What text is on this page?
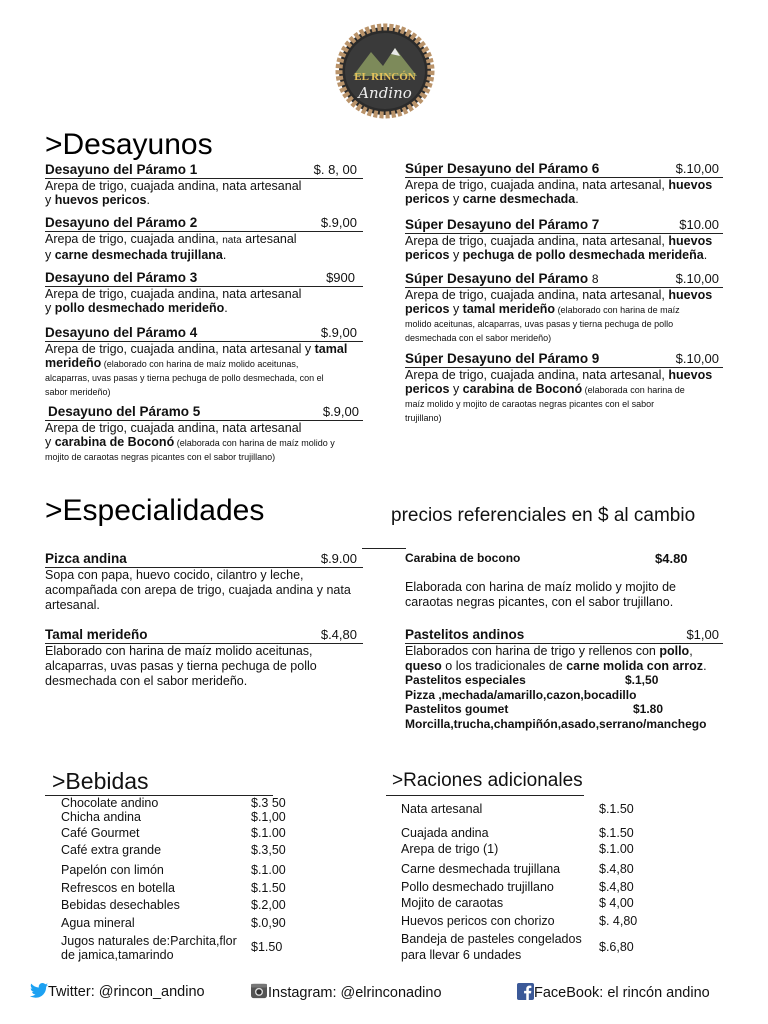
EL RINCÓN
Andino
>Desayunos
Desayuno del Páramo 1	$. 8, 00
Arepa de trigo, cuajada andina, nata artesanal
y huevos pericos.
Desayuno del Páramo 2	$.9,00
Arepa de trigo, cuajada andina, nata artesanal
y carne desmechada trujillana.
Desayuno del Páramo 3	$900
Arepa de trigo, cuajada andina, nata artesanal
y pollo desmechado merideño.
Desayuno del Páramo 4	$.9,00
Arepa de trigo, cuajada andina, nata artesanal y tamal
merideño (elaborado con harina de maíz molido aceitunas,
alcaparras, uvas pasas y tierna pechuga de pollo desmechada, con el
sabor merideño)
Desayuno del Páramo 5	$.9,00
Arepa de trigo, cuajada andina, nata artesanal
y carabina de Boconó (elaborada con harina de maíz molido y
mojito de caraotas negras picantes con el sabor trujillano)
Súper Desayuno del Páramo 6	$.10,00
Arepa de trigo, cuajada andina, nata artesanal, huevos
pericos y carne desmechada.
Súper Desayuno del Páramo 7	$10.00
Arepa de trigo, cuajada andina, nata artesanal, huevos
pericos y pechuga de pollo desmechada merideña.
Súper Desayuno del Páramo 8	$.10,00
Arepa de trigo, cuajada andina, nata artesanal, huevos
pericos y tamal merideño (elaborado con harina de maíz
molido aceitunas, alcaparras, uvas pasas y tierna pechuga de pollo
desmechada con el sabor merideño)
Súper Desayuno del Páramo 9	$.10,00
Arepa de trigo, cuajada andina, nata artesanal, huevos
pericos y carabina de Boconó (elaborada con harina de
maíz molido y mojito de caraotas negras picantes con el sabor
trujillano)
>Especialidades	precios referenciales en $ al cambio
Pizca andina	$.9.00
Sopa con papa, huevo cocido, cilantro y leche,
acompañada con arepa de trigo, cuajada andina y nata
artesanal.
Tamal merideño	$.4,80
Elaborado con harina de maíz molido aceitunas,
alcaparras, uvas pasas y tierna pechuga de pollo
desmechada con el sabor merideño.
Carabina de bocono	$4.80
Elaborada con harina de maíz molido y mojito de
caraotas negras picantes, con el sabor trujillano.
Pastelitos andinos	$1,00
Elaborados con harina de trigo y rellenos con pollo,
queso o los tradicionales de carne molida con arroz.
Pastelitos especiales	$.1,50
Pizza ,mechada/amarillo,cazon,bocadillo
Pastelitos goumet	$1.80
Morcilla,trucha,champiñón,asado,serrano/manchego
>Bebidas
Chocolate andino	$.3 50
Chicha andina	$.1,00
Café Gourmet	$.1.00
Café extra grande	$.3,50
Papelón con limón	$.1.00
Refrescos en botella	$.1.50
Bebidas desechables	$.2,00
Agua mineral	$.0,90
Jugos naturales de:Parchita,flor $1.50
de jamica,tamarindo
>Raciones adicionales
Nata artesanal	$.1.50
Cuajada andina	$.1.50
Arepa de trigo (1)	$.1.00
Carne desmechada trujillana	$.4,80
Pollo desmechado trujillano	$.4,80
Mojito de caraotas	$ 4,00
Huevos pericos con chorizo	$. 4,80
Bandeja de pasteles congelados$.6,80
para llevar 6 undades
Twitter: @rincon_andino	Instagram: @elrinconadino	FaceBook: el rincón andino
